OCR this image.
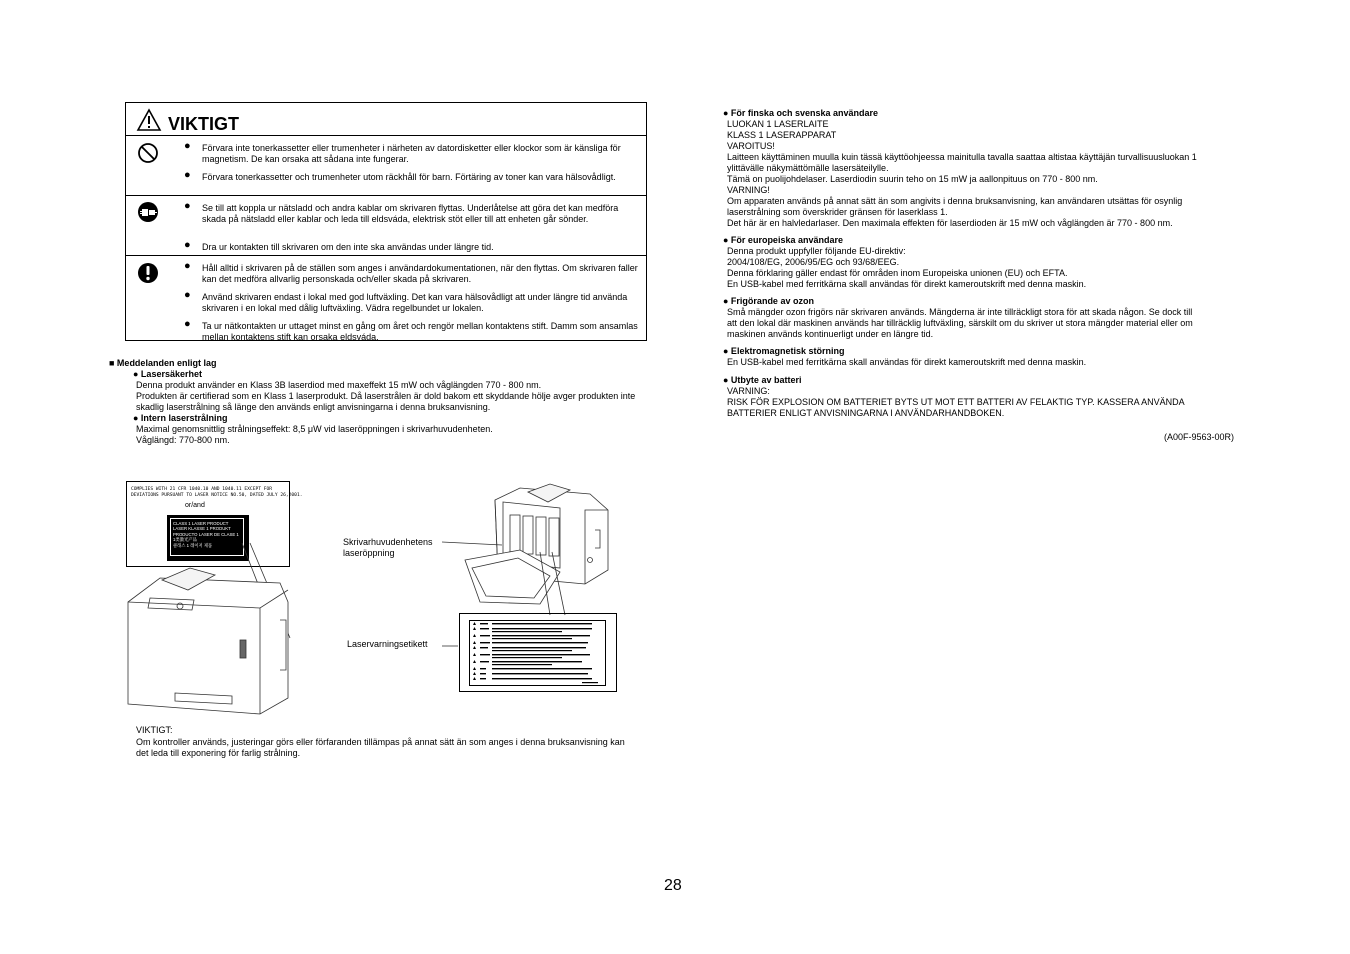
VIKTIGT
● Förvara inte tonerkassetter eller trumenheter i närheten av datordisketter eller klockor som är känsliga för magnetism. De kan orsaka att sådana inte fungerar.
● Förvara tonerkassetter och trumenheter utom räckhåll för barn. Förtäring av toner kan vara hälsovådligt.
● Se till att koppla ur nätsladd och andra kablar om skrivaren flyttas. Underlåtelse att göra det kan medföra skada på nätsladd eller kablar och leda till eldsváda, elektrisk stöt eller till att enheten går sönder.
● Dra ur kontakten till skrivaren om den inte ska användas under längre tid.
● Håll alltid i skrivaren på de ställen som anges i användardokumentationen, när den flyttas. Om skrivaren faller kan det medföra allvarlig personskada och/eller skada på skrivaren.
● Använd skrivaren endast i lokal med god luftväxling. Det kan vara hälsovådligt att under längre tid använda skrivaren i en lokal med dålig luftväxling. Vädra regelbundet ur lokalen.
● Ta ur nätkontakten ur uttaget minst en gång om året och rengör mellan kontaktens stift. Damm som ansamlas mellan kontaktens stift kan orsaka eldsváda.
■ Meddelanden enligt lag
● Lasersäkerhet
Denna produkt använder en Klass 3B laserdiod med maxeffekt 15 mW och våglängden 770 - 800 nm.
Produkten är certifierad som en Klass 1 laserprodukt. Då laserstrålen är dold bakom ett skyddande hölje avger produkten inte
skadlig laserstrålning så länge den används enligt anvisningarna i denna bruksanvisning.
● Intern laserstrålning
Maximal genomsnittlig strålningseffekt: 8,5 μW vid laseröppningen i skrivarhuvudenheten.
Våglängd: 770-800 nm.
COMPLIES WITH 21 CFR 1040.10 AND 1040.11 EXCEPT FOR
DEVIATIONS PURSUANT TO LASER NOTICE NO.50, DATED JULY 26,2001.
or/and
CLASS 1 LASER PRODUCT
LASER KLASSE 1 PRODUKT
PRODUCTO LASER DE CLASE 1
1类激光产品
클래스 1 레이저 제품	Skrivarhuvudenhetens
laseröppning
Laservarningsetikett
VIKTIGT:
Om kontroller används, justeringar görs eller förfaranden tillämpas på annat sätt än som anges i denna bruksanvisning kan
det leda till exponering för farlig strålning.
● För finska och svenska användare
LUOKAN 1 LASERLAITE
KLASS 1 LASERAPPARAT
VAROITUS!
Laitteen käyttäminen muulla kuin tässä käyttöohjeessa mainitulla tavalla saattaa altistaa käyttäjän turvallisuusluokan 1
ylittävälle näkymättömälle lasersäteilylle.
Tämä on puolijohdelaser. Laserdiodin suurin teho on 15 mW ja aallonpituus on 770 - 800 nm.
VARNING!
Om apparaten används på annat sätt än som angivits i denna bruksanvisning, kan användaren utsättas för osynlig
laserstrålning som överskrider gränsen för laserklass 1.
Det här är en halvledarlaser. Den maximala effekten för laserdioden är 15 mW och våglängden är 770 - 800 nm.
● För europeiska användare
Denna produkt uppfyller följande EU-direktiv:
2004/108/EG, 2006/95/EG och 93/68/EEG.
Denna förklaring gäller endast för områden inom Europeiska unionen (EU) och EFTA.
En USB-kabel med ferritkärna skall användas för direkt kameroutskrift med denna maskin.
● Frigörande av ozon
Små mängder ozon frigörs när skrivaren används. Mängderna är inte tillräckligt stora för att skada någon. Se dock till
att den lokal där maskinen används har tillräcklig luftväxling, särskilt om du skriver ut stora mängder material eller om
maskinen används kontinuerligt under en längre tid.
● Elektromagnetisk störning
En USB-kabel med ferritkärna skall användas för direkt kameroutskrift med denna maskin.
● Utbyte av batteri
VARNING:
RISK FÖR EXPLOSION OM BATTERIET BYTS UT MOT ETT BATTERI AV FELAKTIG TYP. KASSERA ANVÄNDA
BATTERIER ENLIGT ANVISNINGARNA I ANVÄNDARHANDBOKEN.
(A00F-9563-00R)
28
